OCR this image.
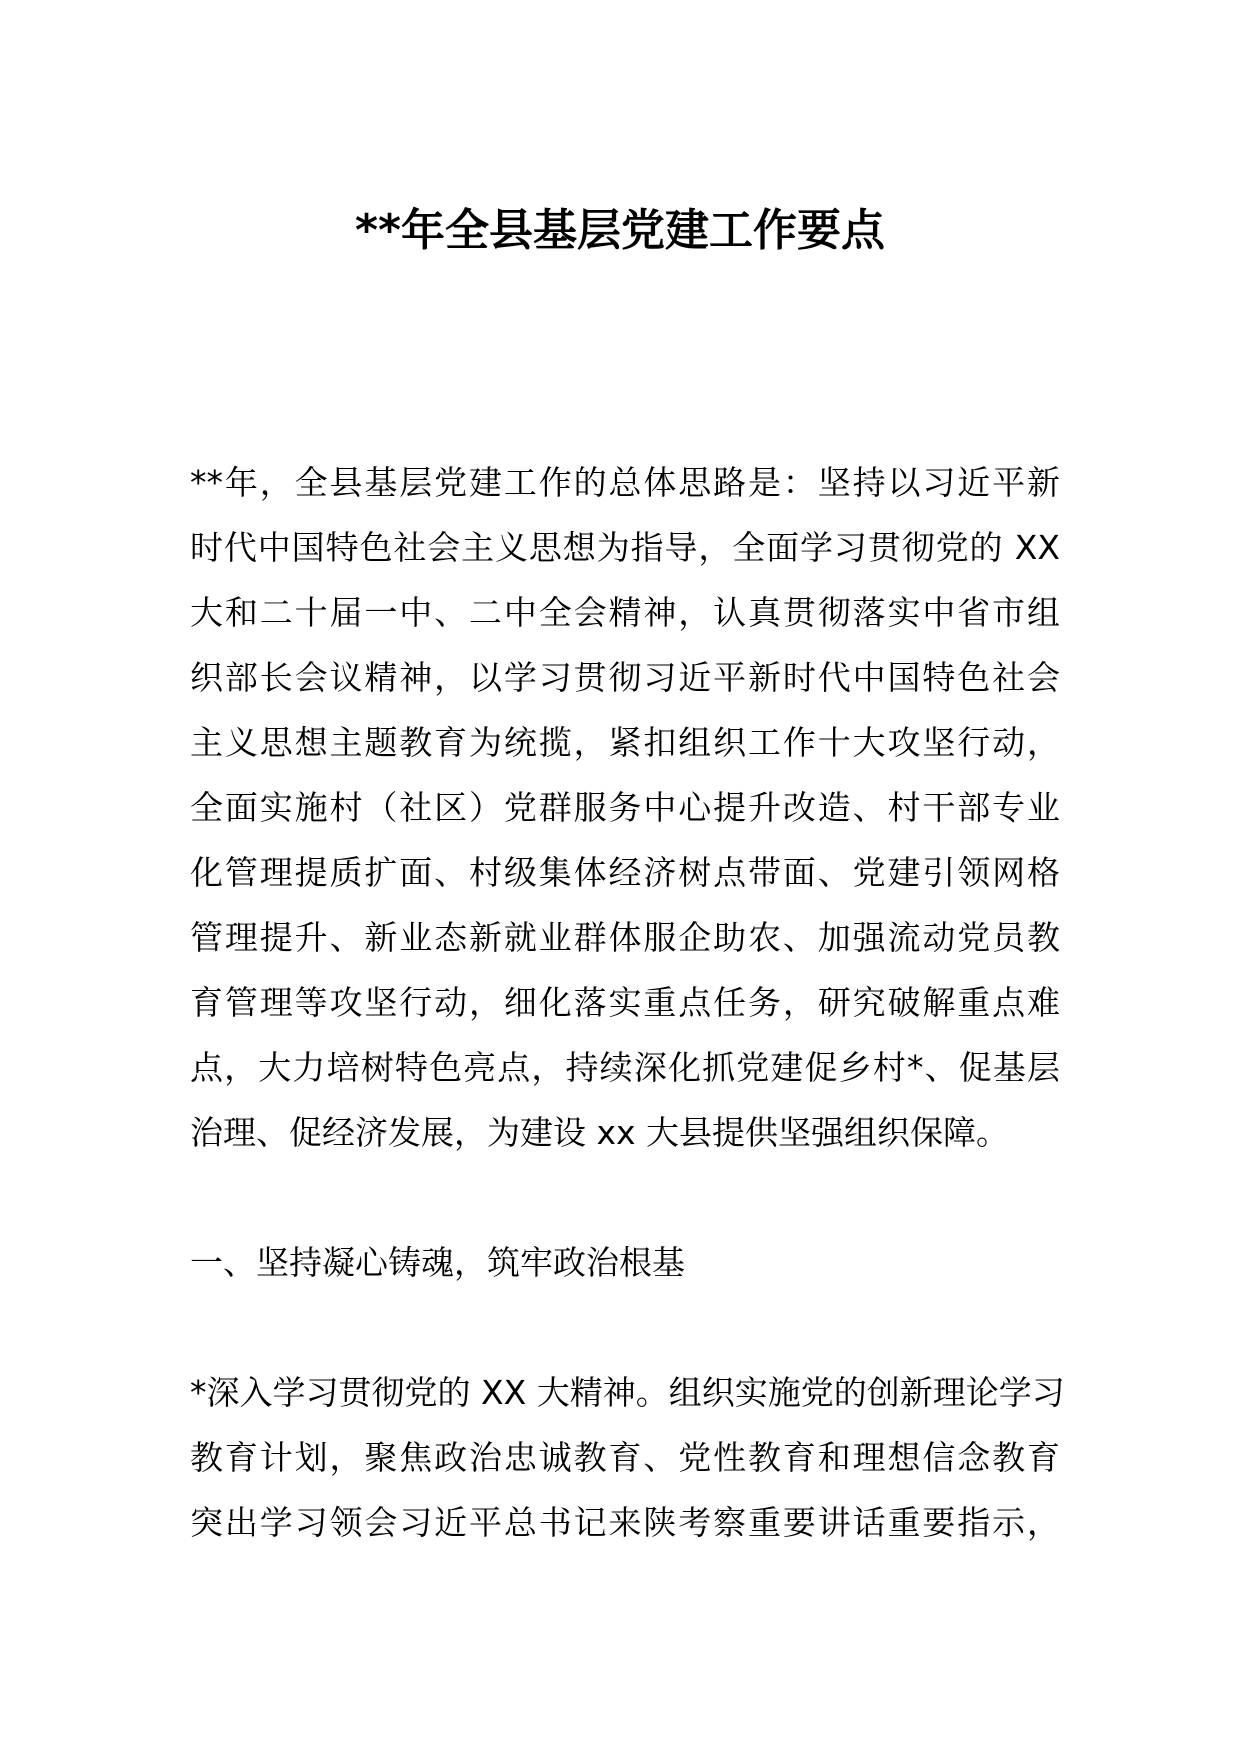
**年全县基层党建工作要点
**年，全县基层党建工作的总体思路是：坚持以习近平新
时代中国特色社会主义思想为指导，全面学习贯彻党的 XX
大和二十届一中、二中全会精神，认真贯彻落实中省市组
织部长会议精神，以学习贯彻习近平新时代中国特色社会
主义思想主题教育为统揽，紧扣组织工作十大攻坚行动，
全面实施村（社区）党群服务中心提升改造、村干部专业
化管理提质扩面、村级集体经济树点带面、党建引领网格
管理提升、新业态新就业群体服企助农、加强流动党员教
育管理等攻坚行动，细化落实重点任务，研究破解重点难
点，大力培树特色亮点，持续深化抓党建促乡村*、促基层
治理、促经济发展，为建设 xx 大县提供坚强组织保障。
一、坚持凝心铸魂，筑牢政治根基
*深入学习贯彻党的 XX 大精神。组织实施党的创新理论学习
教育计划，聚焦政治忠诚教育、党性教育和理想信念教育
突出学习领会习近平总书记来陕考察重要讲话重要指示，
